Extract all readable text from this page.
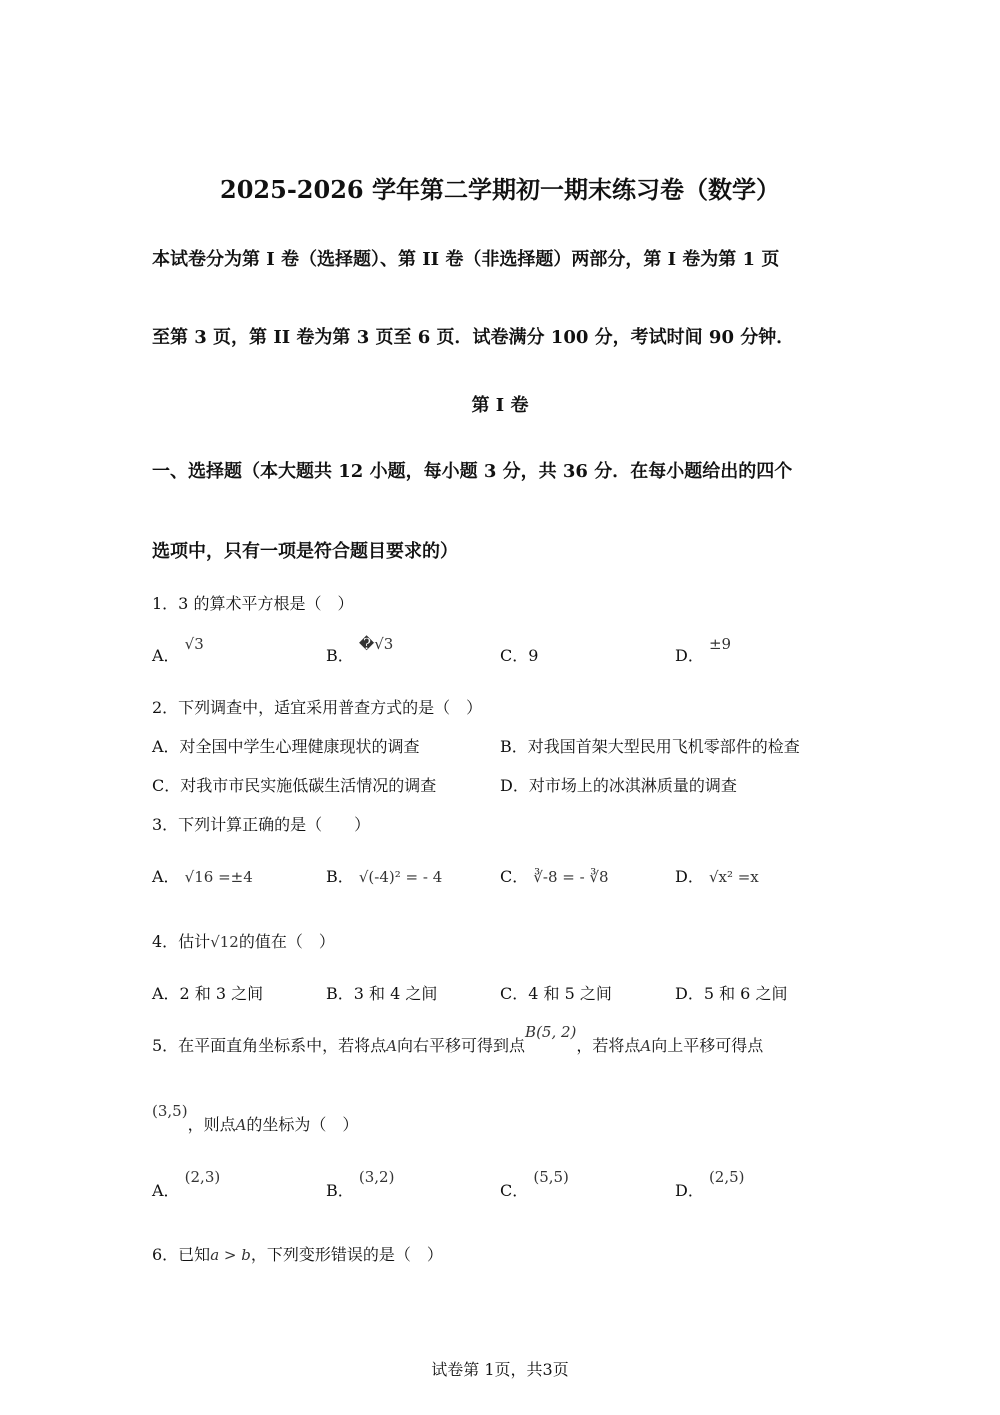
2025-2026 学年第二学期初一期末练习卷（数学）
本试卷分为第 I 卷（选择题）、第 II 卷（非选择题）两部分，第 I 卷为第 1 页
至第 3 页，第 II 卷为第 3 页至 6 页．试卷满分 100 分，考试时间 90 分钟．
第 I 卷
一、选择题（本大题共 12 小题，每小题 3 分，共 36 分．在每小题给出的四个
选项中，只有一项是符合题目要求的）
1．3 的算术平方根是（　）
A． √3
B． �√3
C．9	D． ±9
2．下列调查中，适宜采用普查方式的是（　）
A．对全国中学生心理健康现状的调查	B．对我国首架大型民用飞机零部件的检查
C．对我市市民实施低碳生活情况的调查	D．对市场上的冰淇淋质量的调查
3．下列计算正确的是（　　）
A． √16 =±4	B． √(-4)² = - 4	C． ∛-8 = - ∛8	D． √x² =x
4．估计√12的值在（　）
A．2 和 3 之间	B．3 和 4 之间	C．4 和 5 之间	D．5 和 6 之间
5．在平面直角坐标系中，若将点A向右平移可得到点B(5, 2)，若将点A向上平移可得点
(3,5)，则点A的坐标为（　）
A． (2,3)
B． (3,2)
C． (5,5)
D． (2,5)
6．已知a > b，下列变形错误的是（　）
试卷第 1页，共3页
